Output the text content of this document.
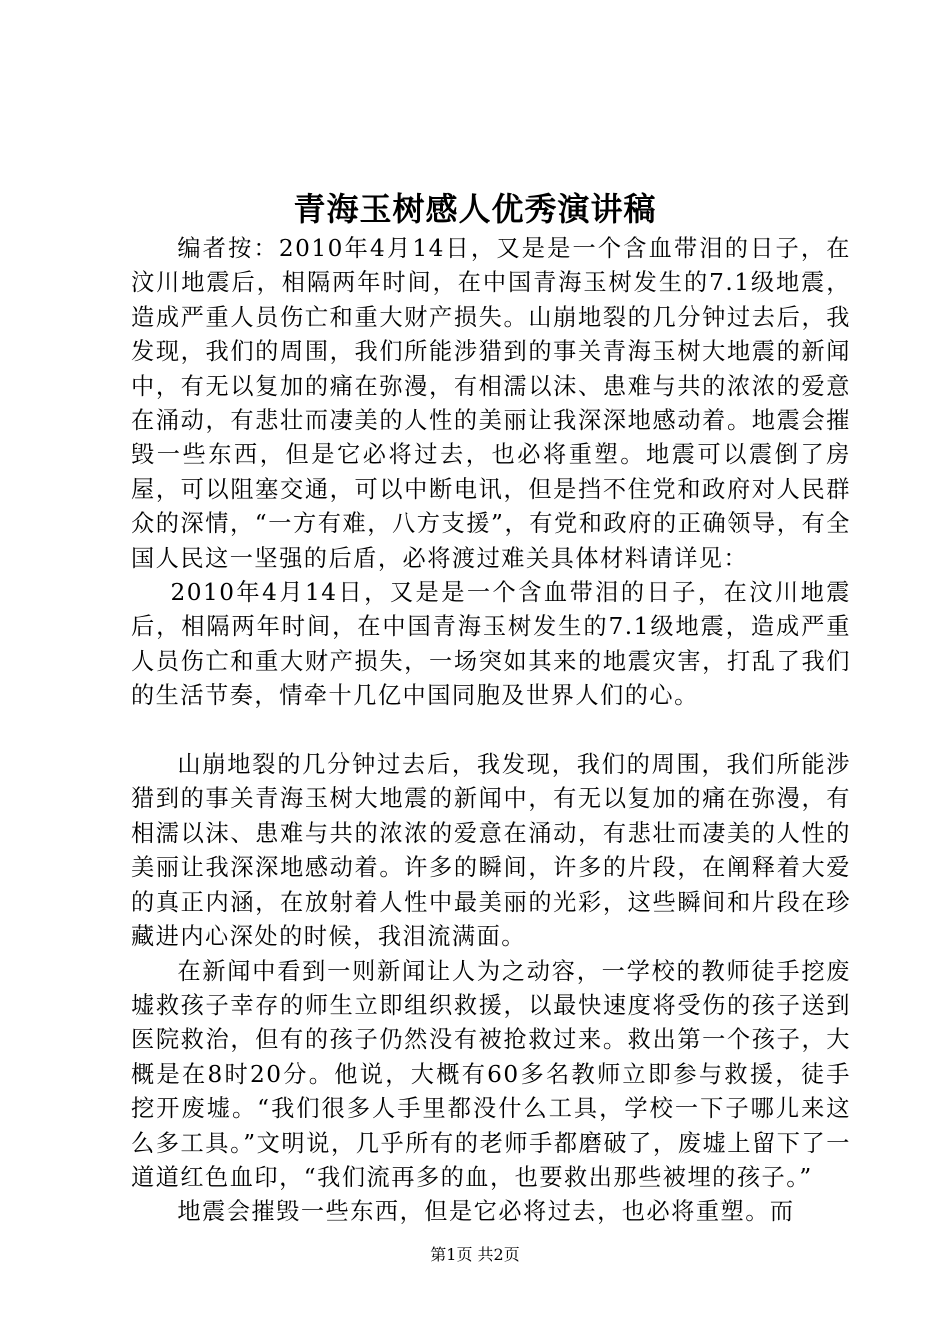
青海玉树感人优秀演讲稿

编者按：2010年4月14日，又是是一个含血带泪的日子，在汶川地震后，相隔两年时间，在中国青海玉树发生的7.1级地震，造成严重人员伤亡和重大财产损失。山崩地裂的几分钟过去后，我发现，我们的周围，我们所能涉猎到的事关青海玉树大地震的新闻中，有无以复加的痛在弥漫，有相濡以沫、患难与共的浓浓的爱意在涌动，有悲壮而凄美的人性的美丽让我深深地感动着。地震会摧毁一些东西，但是它必将过去，也必将重塑。地震可以震倒了房屋，可以阻塞交通，可以中断电讯，但是挡不住党和政府对人民群众的深情，“一方有难，八方支援”，有党和政府的正确领导，有全国人民这一坚强的后盾，必将渡过难关具体材料请详见：

2010年4月14日，又是是一个含血带泪的日子，在汶川地震后，相隔两年时间，在中国青海玉树发生的7.1级地震，造成严重人员伤亡和重大财产损失，一场突如其来的地震灾害，打乱了我们的生活节奏，情牵十几亿中国同胞及世界人们的心。

山崩地裂的几分钟过去后，我发现，我们的周围，我们所能涉猎到的事关青海玉树大地震的新闻中，有无以复加的痛在弥漫，有相濡以沫、患难与共的浓浓的爱意在涌动，有悲壮而凄美的人性的美丽让我深深地感动着。许多的瞬间，许多的片段，在阐释着大爱的真正内涵，在放射着人性中最美丽的光彩，这些瞬间和片段在珍藏进内心深处的时候，我泪流满面。

在新闻中看到一则新闻让人为之动容，一学校的教师徒手挖废墟救孩子幸存的师生立即组织救援，以最快速度将受伤的孩子送到医院救治，但有的孩子仍然没有被抢救过来。救出第一个孩子，大概是在8时20分。他说，大概有60多名教师立即参与救援，徒手挖开废墟。“我们很多人手里都没什么工具，学校一下子哪儿来这么多工具。”文明说，几乎所有的老师手都磨破了，废墟上留下了一道道红色血印，“我们流再多的血，也要救出那些被埋的孩子。”

地震会摧毁一些东西，但是它必将过去，也必将重塑。而

第1页 共2页
